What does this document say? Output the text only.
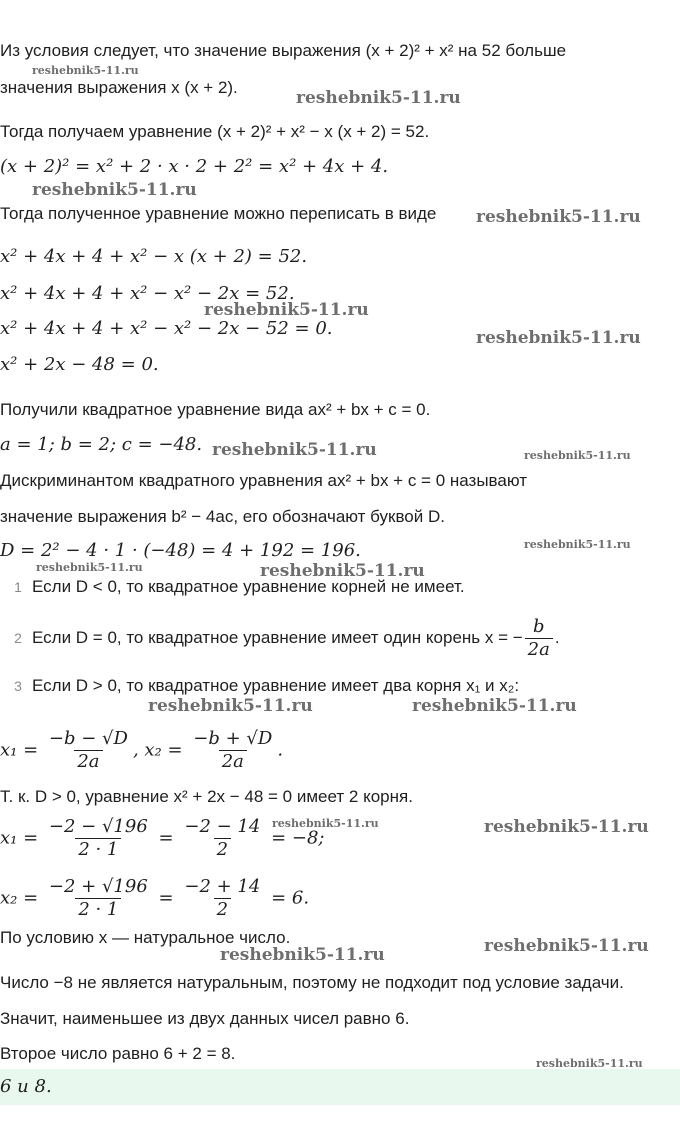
Из условия следует, что значение выражения (x + 2)² + x² на 52 больше
значения выражения x (x + 2).
Тогда получаем уравнение (x + 2)² + x² − x (x + 2) = 52.
(x + 2)² = x² + 2 · x · 2 + 2² = x² + 4x + 4.
Тогда полученное уравнение можно переписать в виде
x² + 4x + 4 + x² − x (x + 2) = 52.
x² + 4x + 4 + x² − x² − 2x = 52.
x² + 4x + 4 + x² − x² − 2x − 52 = 0.
x² + 2x − 48 = 0.
Получили квадратное уравнение вида ax² + bx + c = 0.
a = 1; b = 2; c = −48.
Дискриминантом квадратного уравнения ax² + bx + c = 0 называют
значение выражения b² − 4ac, его обозначают буквой D.
D = 2² − 4 · 1 · (−48) = 4 + 192 = 196.
1 Если D < 0, то квадратное уравнение корней не имеет.
2 Если D = 0, то квадратное уравнение имеет один корень x = − $\frac{b}{2a}$ .
3 Если D > 0, то квадратное уравнение имеет два корня x₁ и x₂:
$x_1 = \frac{-b - √D}{2a}$ , $x_2 = \frac{-b + √D}{2a}$ .
Т. к. D > 0, уравнение x² + 2x − 48 = 0 имеет 2 корня.
$x_1 = \frac{-2 - √196}{2 \cdot 1} = \frac{-2 - 14}{2} = -8$;
$x_2 = \frac{-2 + √196}{2 \cdot 1} = \frac{-2 + 14}{2} = 6$.
По условию x — натуральное число.
Число −8 не является натуральным, поэтому не подходит под условие задачи.
Значит, наименьшее из двух данных чисел равно 6.
Второе число равно 6 + 2 = 8.
6 и 8.
reshebnik5-11.ru
reshebnik5-11.ru
reshebnik5-11.ru
reshebnik5-11.ru
reshebnik5-11.ru
reshebnik5-11.ru
reshebnik5-11.ru	reshebnik5-11.ru
reshebnik5-11.ru
reshebnik5-11.ru	reshebnik5-11.ru
reshebnik5-11.ru	reshebnik5-11.ru
reshebnik5-11.ru	reshebnik5-11.ru
reshebnik5-11.ru	reshebnik5-11.ru
reshebnik5-11.ru
